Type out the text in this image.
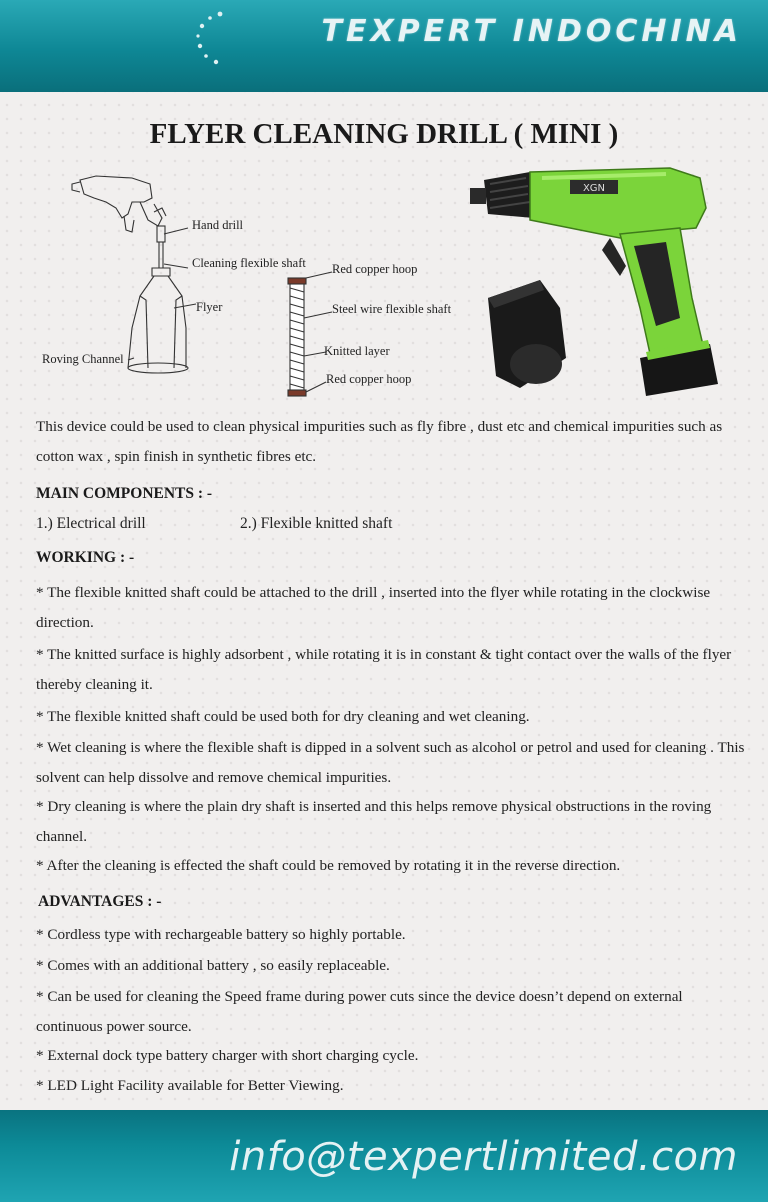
TEXPERT INDOCHINA
FLYER CLEANING DRILL ( MINI )
Hand drill
Cleaning flexible shaft
Flyer
Roving Channel
Red copper hoop
Steel wire flexible shaft
Knitted layer
Red copper hoop
XGN
This device could be used to clean physical impurities such as fly fibre , dust etc and chemical impurities such as cotton wax , spin finish in synthetic fibres etc.
MAIN COMPONENTS : -
1.) Electrical drill	2.) Flexible knitted shaft
WORKING : -
* The flexible knitted shaft could be attached to the drill , inserted into the flyer while rotating in the clockwise direction.
* The knitted surface is highly adsorbent , while rotating it is in constant & tight contact over the walls of the flyer thereby cleaning it.
* The flexible knitted shaft could be used both for dry cleaning and wet cleaning.
* Wet cleaning is where the flexible shaft is dipped in a solvent such as alcohol or petrol and used for cleaning . This solvent can help dissolve and remove chemical impurities.
* Dry cleaning is where the plain dry shaft is inserted and this helps remove physical obstructions in the roving channel.
* After the cleaning is effected the shaft could be removed by rotating it in the reverse direction.
ADVANTAGES : -
* Cordless type with rechargeable battery so highly portable.
* Comes with an additional battery , so easily replaceable.
* Can be used for cleaning the Speed frame during power cuts since the device doesn’t depend on external continuous power source.
* External dock type battery charger with short charging cycle.
* LED Light Facility available for Better Viewing.
info@texpertlimited.com
